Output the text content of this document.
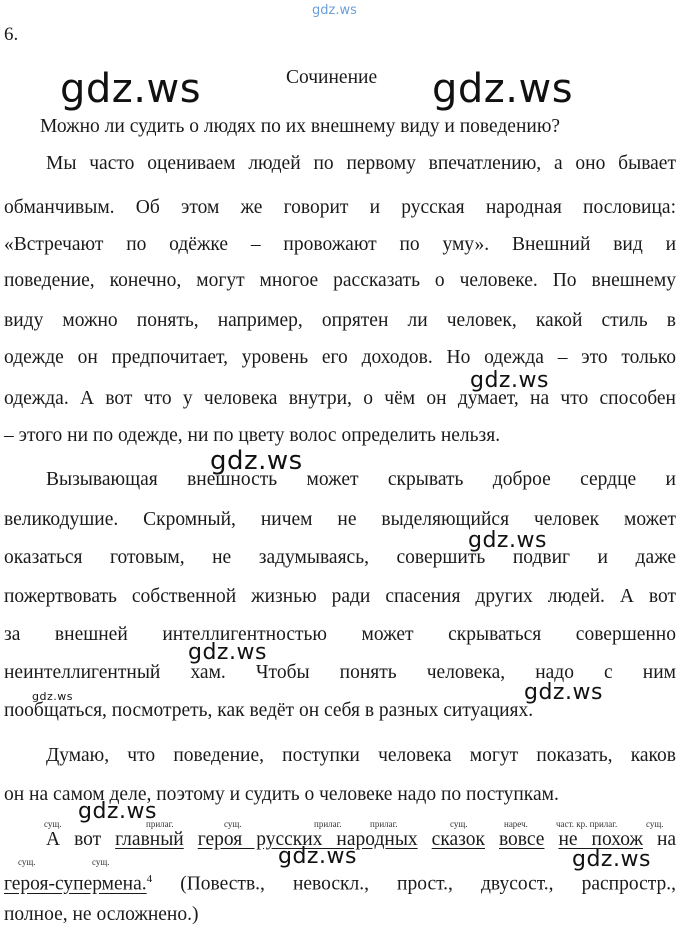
gdz.ws
gdz.ws	gdz.ws
gdz.ws
gdz.ws
gdz.ws
gdz.ws
gdz.ws	gdz.ws
gdz.ws
gdz.ws	gdz.ws
6.
Сочинение
Можно ли судить о людях по их внешнему виду и поведению?
Мы часто оцениваем людей по первому впечатлению, а оно бывает
обманчивым. Об этом же говорит и русская народная пословица:
«Встречают по одёжке – провожают по уму». Внешний вид и
поведение, конечно, могут многое рассказать о человеке. По внешнему
виду можно понять, например, опрятен ли человек, какой стиль в
одежде он предпочитает, уровень его доходов. Но одежда – это только
одежда. А вот что у человека внутри, о чём он думает, на что способен
– этого ни по одежде, ни по цвету волос определить нельзя.
Вызывающая внешность может скрывать доброе сердце и
великодушие. Скромный, ничем не выделяющийся человек может
оказаться готовым, не задумываясь, совершить подвиг и даже
пожертвовать собственной жизнью ради спасения других людей. А вот
за внешней интеллигентностью может скрываться совершенно
неинтеллигентный хам. Чтобы понять человека, надо с ним
пообщаться, посмотреть, как ведёт он себя в разных ситуациях.
Думаю, что поведение, поступки человека могут показать, каков
он на самом деле, поэтому и судить о человеке надо по поступкам.
сущ.	прилаг.	сущ.	прилаг.	прилаг.	сущ.	нареч.	част. кр. прилаг.
сущ.	сущ.
сущ.
А вот главный героя русских народных сказок вовсе не похож на
героя-супермена.$^4$ (Повеств., невоскл., прост., двусост., распростр.,
полное, не осложнено.)
